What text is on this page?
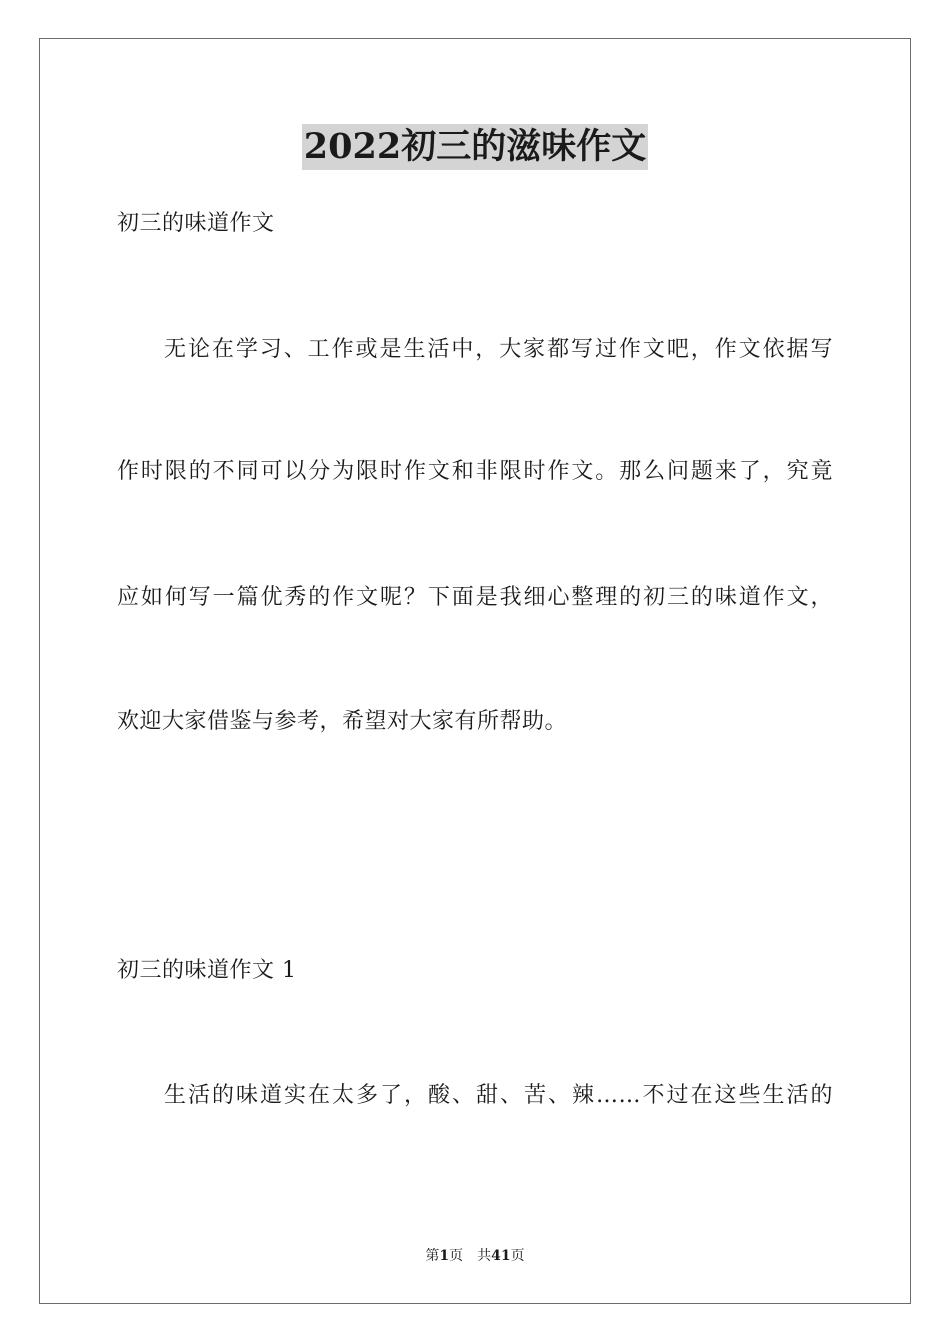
2022初三的滋味作文
初三的味道作文
无论在学习、工作或是生活中，大家都写过作文吧，作文依据写
作时限的不同可以分为限时作文和非限时作文。那么问题来了，究竟
应如何写一篇优秀的作文呢？下面是我细心整理的初三的味道作文，
欢迎大家借鉴与参考，希望对大家有所帮助。
初三的味道作文 1
生活的味道实在太多了，酸、甜、苦、辣……不过在这些生活的
第1页 共41页
